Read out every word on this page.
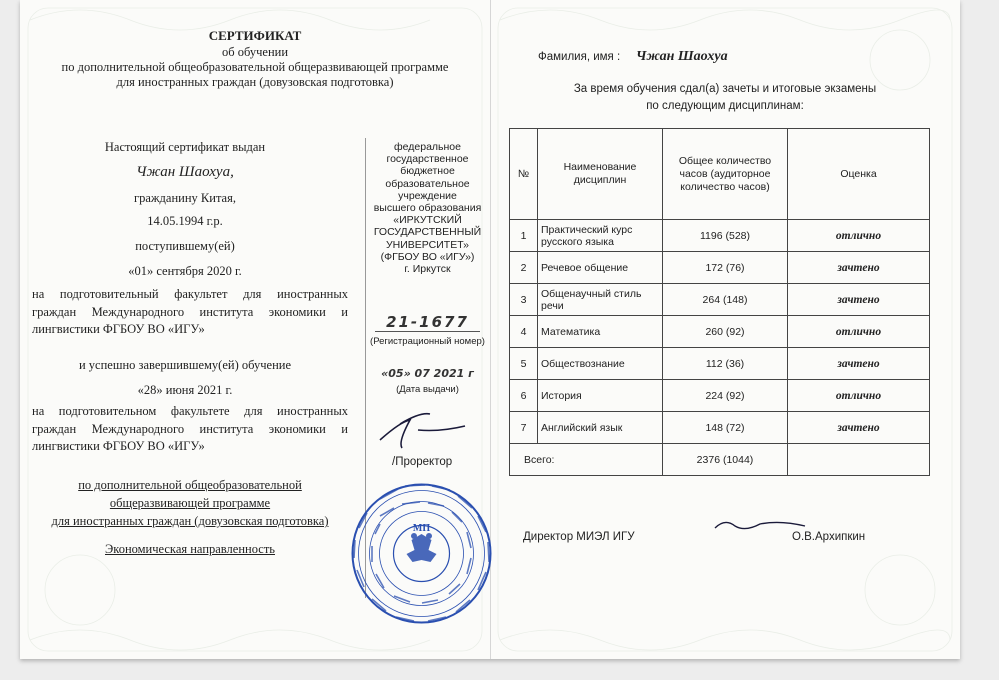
СЕРТИФИКАТ
об обучении
по дополнительной общеобразовательной общеразвивающей программе
для иностранных граждан (довузовская подготовка)
Настоящий сертификат выдан
Чжан Шаохуа,
гражданину Китая,
14.05.1994 г.р.
поступившему(ей)
«01» сентября 2020 г.
на подготовительный факультет для иностранных
граждан Международного института экономики и
лингвистики ФГБОУ ВО «ИГУ»
и успешно завершившему(ей) обучение
«28» июня 2021 г.
на подготовительном факультете для иностранных
граждан Международного института экономики и
лингвистики ФГБОУ ВО «ИГУ»
по дополнительной общеобразовательной
общеразвивающей программе
для иностранных граждан (довузовская подготовка)
Экономическая направленность
федеральное
государственное
бюджетное
образовательное
учреждение
высшего образования
«ИРКУТСКИЙ
ГОСУДАРСТВЕННЫЙ
УНИВЕРСИТЕТ»
(ФГБОУ ВО «ИГУ»)
г. Иркутск
21-1677
(Регистрационный номер)
«05» 07 2021 г
(Дата выдачи)
/Проректор
МП
Фамилия, имя : Чжан Шаохуа
За время обучения сдал(а) зачеты и итоговые экзамены
по следующим дисциплинам:
№	Наименование дисциплин	Общее количество часов (аудиторное количество часов)	Оценка
1	Практический курс русского языка	1196 (528)	отлично
2	Речевое общение	172 (76)	зачтено
3	Общенаучный стиль речи	264 (148)	зачтено
4	Математика	260 (92)	отлично
5	Обществознание	112 (36)	зачтено
6	История	224 (92)	отлично
7	Английский язык	148 (72)	зачтено
Всего:		2376 (1044)	
Директор МИЭЛ ИГУ	О.В.Архипкин
